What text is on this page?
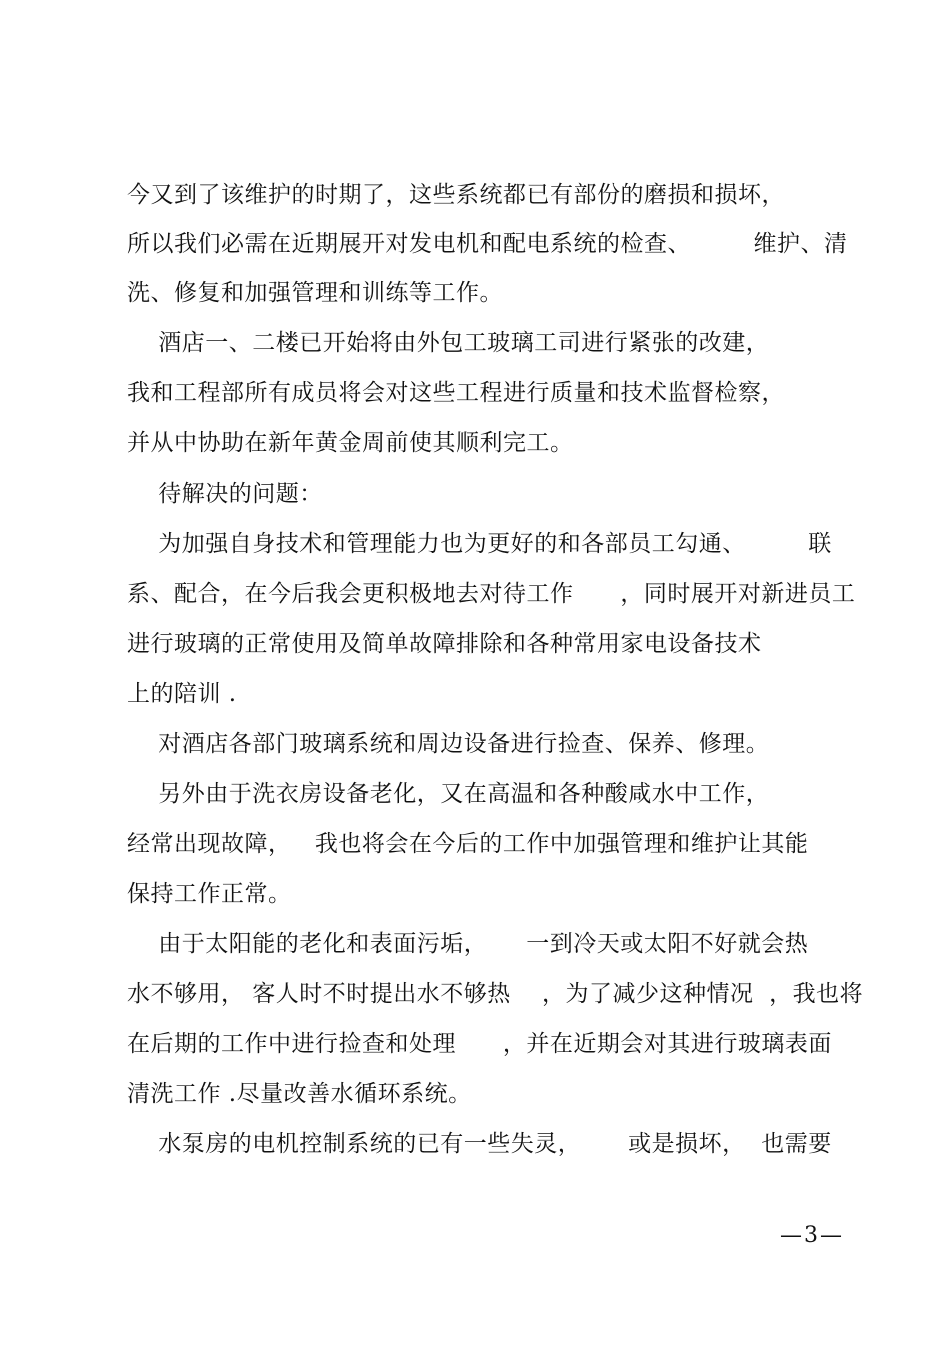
今又到了该维护的时期了，这些系统都已有部份的磨损和损坏，
所以我们必需在近期展开对发电机和配电系统的检查、        维护、清
洗、修复和加强管理和训练等工作。
酒店一、二楼已开始将由外包工玻璃工司进行紧张的改建，
我和工程部所有成员将会对这些工程进行质量和技术监督检察，
并从中协助在新年黄金周前使其顺利完工。
待解决的问题：
为加强自身技术和管理能力也为更好的和各部员工勾通、        联
系、配合，在今后我会更积极地去对待工作      ，同时展开对新进员工
进行玻璃的正常使用及简单故障排除和各种常用家电设备技术
上的陪训 .
对酒店各部门玻璃系统和周边设备进行捡查、保养、修理。
另外由于洗衣房设备老化，又在高温和各种酸咸水中工作，
经常出现故障，   我也将会在今后的工作中加强管理和维护让其能
保持工作正常。
由于太阳能的老化和表面污垢，     一到冷天或太阳不好就会热
水不够用， 客人时不时提出水不够热    ，为了减少这种情况  ，我也将
在后期的工作中进行捡查和处理      ，并在近期会对其进行玻璃表面
清洗工作 .尽量改善水循环系统。
水泵房的电机控制系统的已有一些失灵，      或是损坏，  也需要
—3—
